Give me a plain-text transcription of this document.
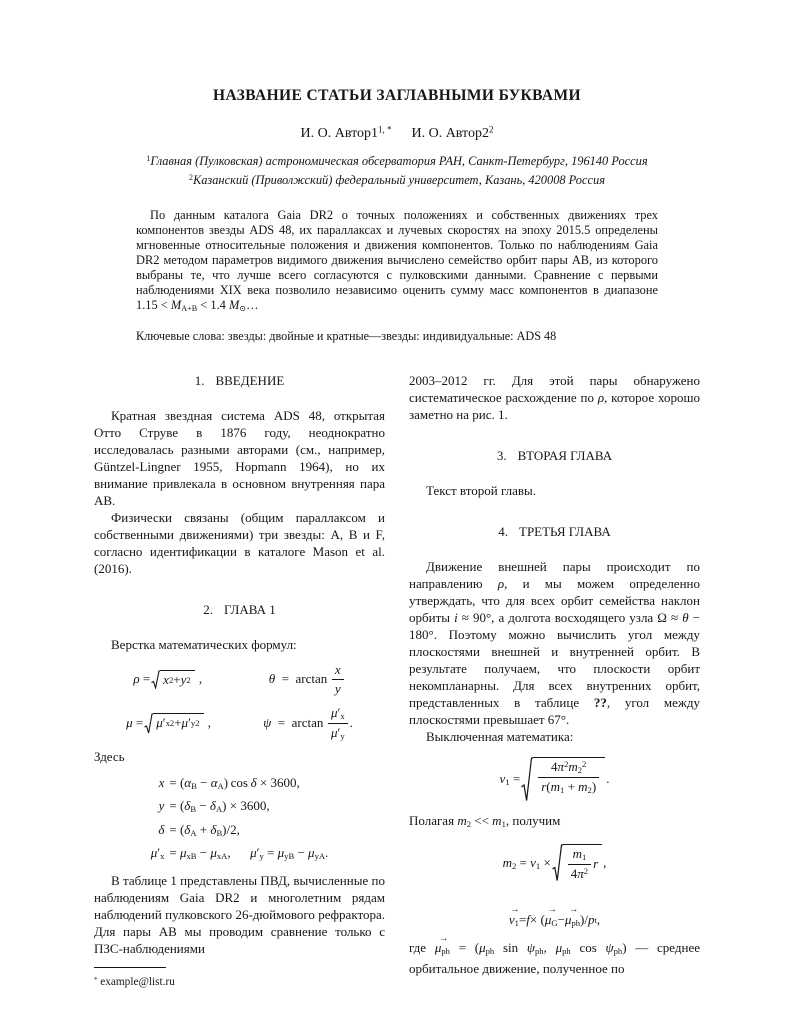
НАЗВАНИЕ СТАТЬИ ЗАГЛАВНЫМИ БУКВАМИ
И. О. $Автор1^{1, *}$ И. О. $Автор2^2$
$^1$Главная (Пулковская) астрономическая обсерватория РАН, Санкт-Петербург, 196140 Россия
$^2$Казанский (Приволжский) федеральный университет, Казань, 420008 Россия
По данным каталога Gaia DR2 о точных положениях и собственных движениях трех компонентов звезды ADS 48, их параллаксах и лучевых скоростях на эпоху 2015.5 определены мгновенные относительные положения и движения компонентов. Только по наблюдениям Gaia DR2 методом параметров видимого движения вычислено семейство орбит пары AB, из которого выбраны те, что лучше всего согласуются с пулковскими данными. Сравнение с первыми наблюдениями XIX века позволило независимо оценить сумму масс компонентов в диапазоне $1.15 < M_{A+B} < 1.4$ $M_⊙\dots$
Ключевые слова: звезды: двойные и кратные—звезды: индивидуальные: ADS 48
1. ВВЕДЕНИЕ

Кратная звездная система ADS 48, открытая Отто Струве в 1876 году, неоднократно исследовалась разными авторами (см., например, Güntzel-Lingner 1955, Hopmann 1964), но их внимание привлекала в основном внутренняя пара AB.

Физически связаны (общим параллаксом и собственными движениями) три звезды: A, B и F, согласно идентификации в каталоге Mason et al. (2016).

2. ГЛАВА 1

Верстка математических формул:

ρ = x 2 + y 2 ,	$\theta = \arctan \frac{x}{y}$
μ = μ ′ x 2 + μ ′ y 2 ,	$\psi = \arctan \frac{\mu'_x}{\mu'_y}$ .

Здесь

$x = (\alpha_B - \alpha_A)$ cos δ × 3600,
$y = (\delta_B - \delta_A) \times 3600$,
$\delta = (\delta_A + \delta_B)/2$,
$\mu'_x = \mu_{xB} - \mu_{xA}$,      $\mu'_y = \mu_{yB} - \mu_{yA}$.

В таблице 1 представлены ПВД, вычисленные по наблюдениям Gaia DR2 и многолетним рядам наблюдений пулковского 26-дюймового рефрактора. Для пары AB мы проводим сравнение только с ПЗС-наблюдениями

* example@list.ru

2003–2012 гг. Для этой пары обнаружено систематическое расхождение по ρ, которое хорошо заметно на рис. 1.

3. ВТОРАЯ ГЛАВА

Текст второй главы.

4. ТРЕТЬЯ ГЛАВА

Движение внешней пары происходит по направлению ρ, и мы можем определенно утверждать, что для всех орбит семейства наклон орбиты i ≈ 90°, а долгота восходящего узла Ω ≈ θ − 180°. Поэтому можно вычислить угол между плоскостями внешней и внутренней орбит. В результате получаем, что плоскости орбит некомпланарны. Для всех внутренних орбит, представленных в таблице ??, угол между плоскостями превышает 67°.

Выключенная математика:

$v_1 = \frac{4\pi^2m_2^2}{r(m_1 + m_2)}$ .

Полагая $m_2 << m_1$, получим

$m_2 = v_1 \times \frac{m_1}{4\pi^2}$ r ,
→ $v_1 = f$ × ( → $\mu_G$ − → $\mu_{ph}$ )/ p t ,

где → $\mu_{ph} = (\mu_{ph}$ $\sin \psi_{ph}$, $\mu_{ph}$ $\cos \psi_{ph}$) — среднее орбитальное движение, полученное по
